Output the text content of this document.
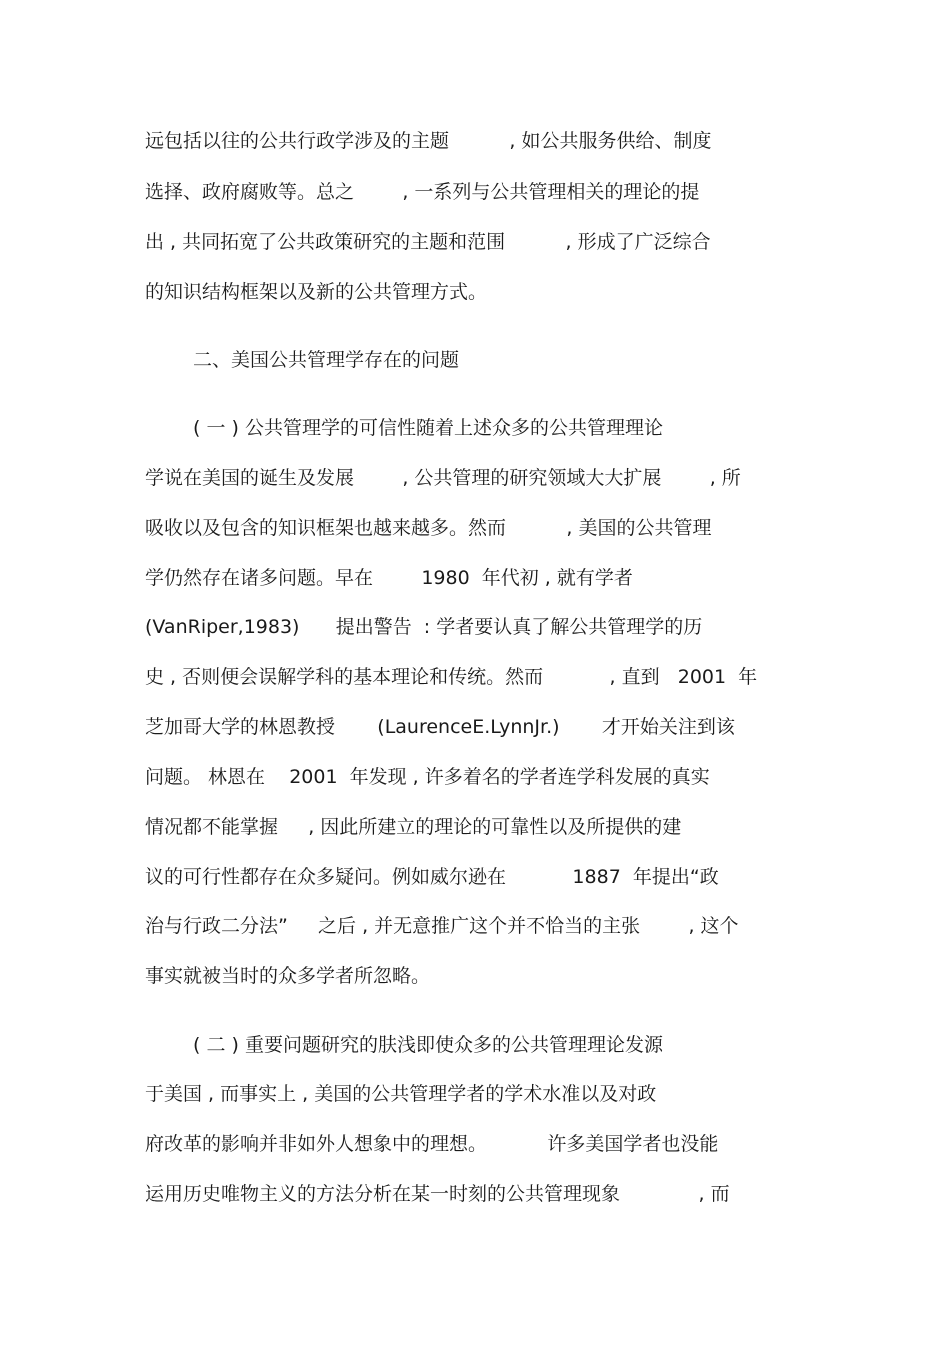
远包括以往的公共行政学涉及的主题          , 如公共服务供给、制度
选择、政府腐败等。总之        , 一系列与公共管理相关的理论的提
出 , 共同拓宽了公共政策研究的主题和范围          , 形成了广泛综合
的知识结构框架以及新的公共管理方式。
二、美国公共管理学存在的问题
( 一 ) 公共管理学的可信性随着上述众多的公共管理理论
学说在美国的诞生及发展        , 公共管理的研究领域大大扩展        , 所
吸收以及包含的知识框架也越来越多。然而          , 美国的公共管理
学仍然存在诸多问题。早在        1980  年代初 , 就有学者
(VanRiper,1983)      提出警告  : 学者要认真了解公共管理学的历
史 , 否则便会误解学科的基本理论和传统。然而           , 直到   2001  年
芝加哥大学的林恩教授       (LaurenceE.LynnJr.)       才开始关注到该
问题。 林恩在    2001  年发现 , 许多着名的学者连学科发展的真实
情况都不能掌握     , 因此所建立的理论的可靠性以及所提供的建
议的可行性都存在众多疑问。例如威尔逊在           1887  年提出“政
治与行政二分法”     之后 , 并无意推广这个并不恰当的主张        , 这个
事实就被当时的众多学者所忽略。
( 二 ) 重要问题研究的肤浅即使众多的公共管理理论发源
于美国 , 而事实上 , 美国的公共管理学者的学术水准以及对政
府改革的影响并非如外人想象中的理想。          许多美国学者也没能
运用历史唯物主义的方法分析在某一时刻的公共管理现象             , 而
